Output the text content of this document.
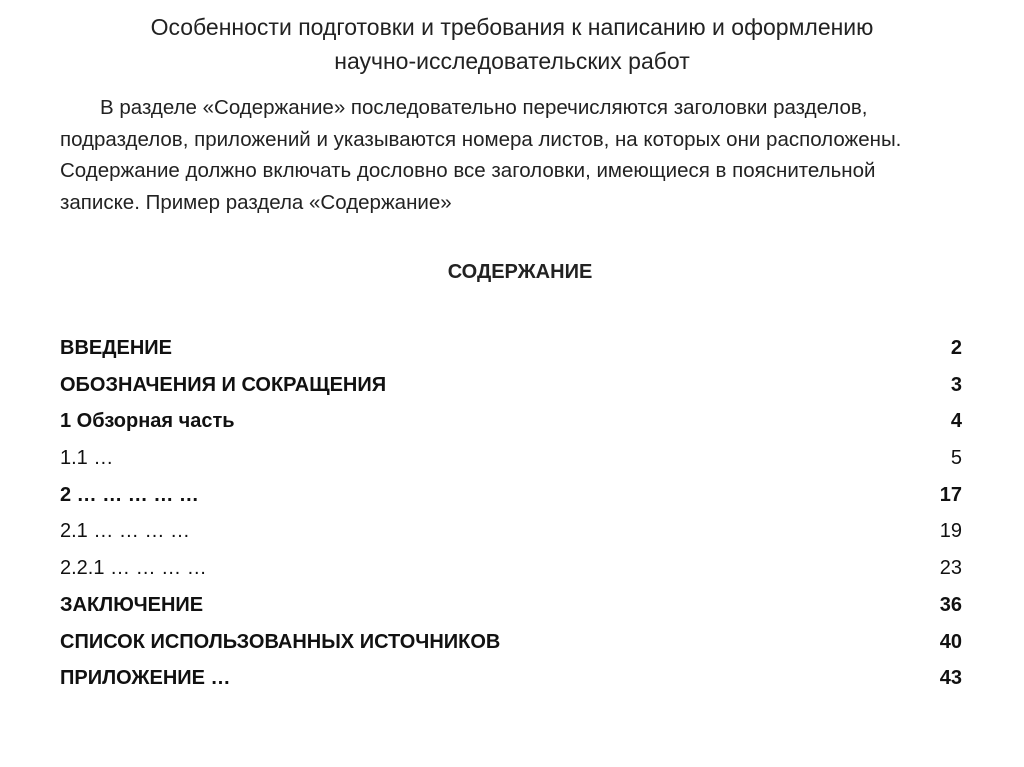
Особенности подготовки и требования к написанию и оформлению
научно-исследовательских работ

В разделе «Содержание» последовательно перечисляются заголовки разделов, подразделов, приложений и указываются номера листов, на которых они расположены. Содержание должно включать дословно все заголовки, имеющиеся в пояснительной записке. Пример раздела «Содержание»

СОДЕРЖАНИЕ
ВВЕДЕНИЕ	2
ОБОЗНАЧЕНИЯ И СОКРАЩЕНИЯ	3
1 Обзорная часть	4
1.1 …	5
2 … … … … …	17
2.1 … … … …	19
2.2.1 … … … …	23
ЗАКЛЮЧЕНИЕ	36
СПИСОК ИСПОЛЬЗОВАННЫХ ИСТОЧНИКОВ	40
ПРИЛОЖЕНИЕ …	43
